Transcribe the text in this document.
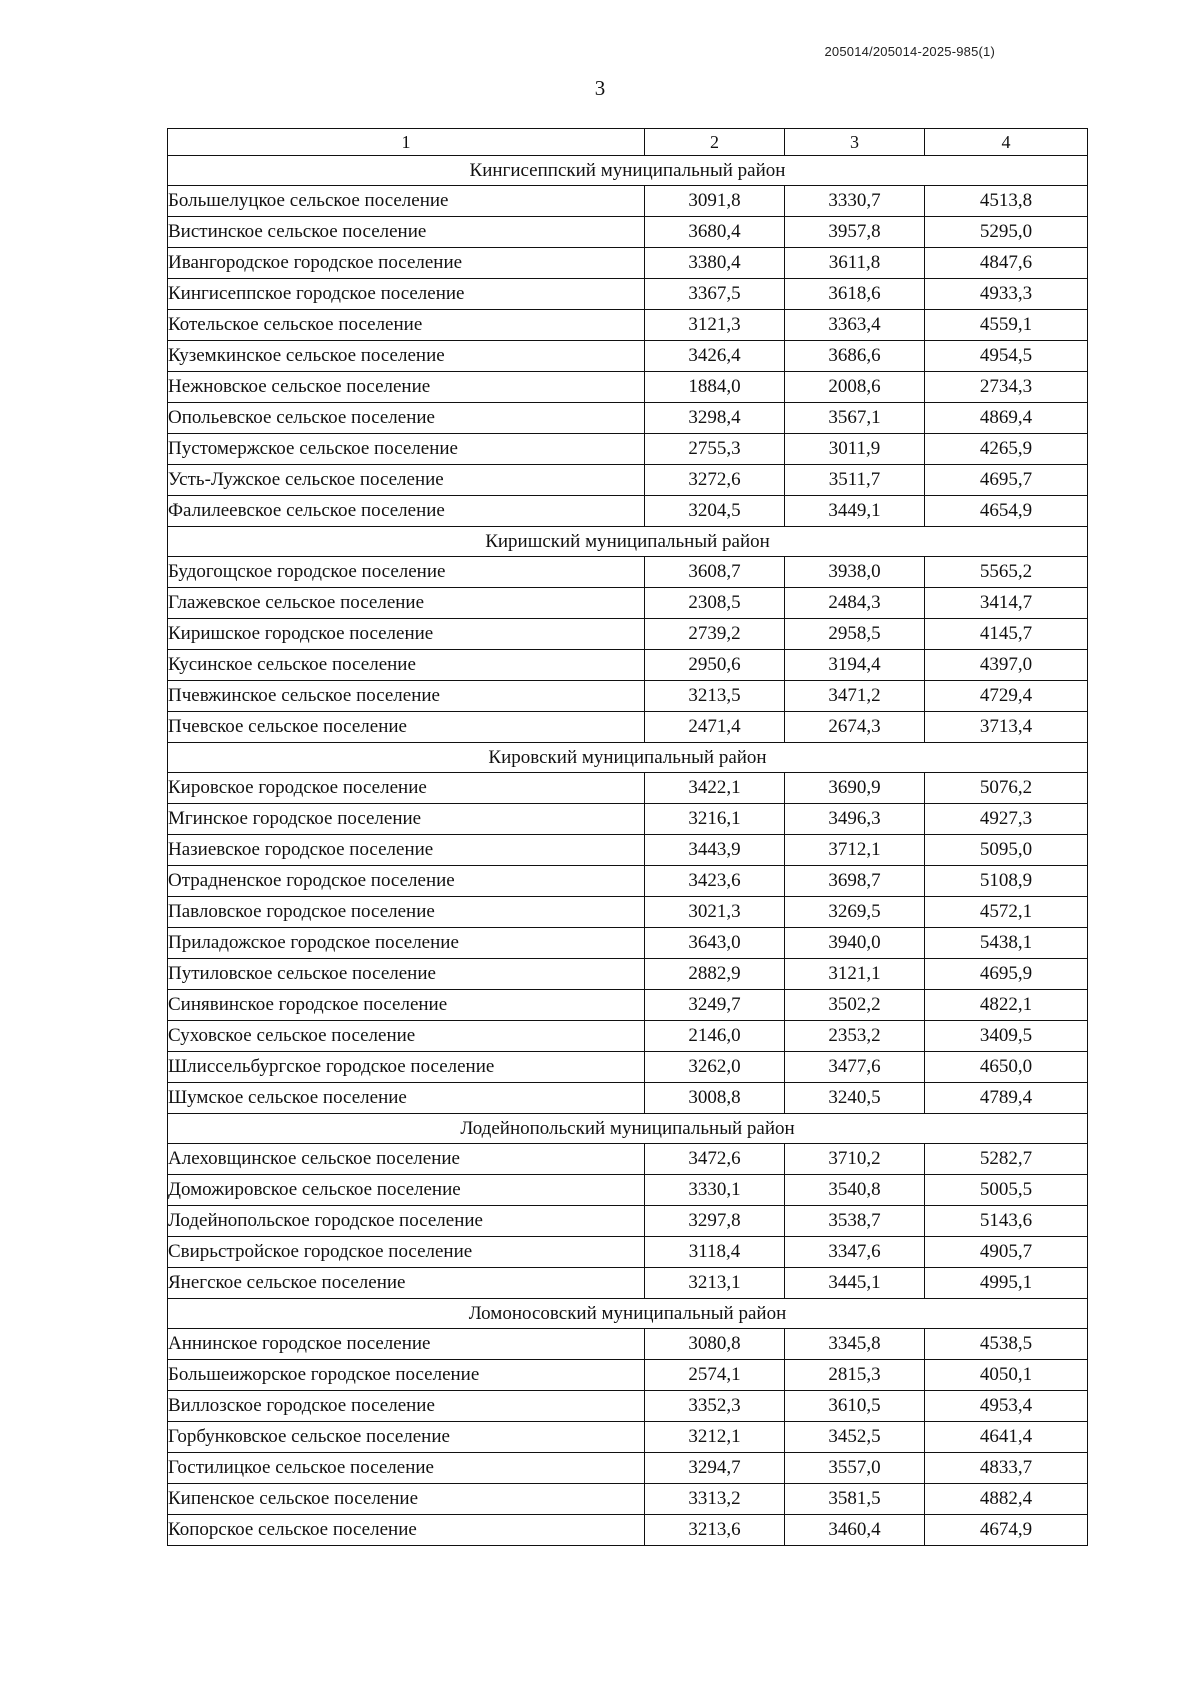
205014/205014-2025-985(1)
3
1	2	3	4
Кингисеппский муниципальный район			
Большелуцкое сельское поселение	3091,8	3330,7	4513,8
Вистинское сельское поселение	3680,4	3957,8	5295,0
Ивангородское городское поселение	3380,4	3611,8	4847,6
Кингисеппское городское поселение	3367,5	3618,6	4933,3
Котельское сельское поселение	3121,3	3363,4	4559,1
Куземкинское сельское поселение	3426,4	3686,6	4954,5
Нежновское сельское поселение	1884,0	2008,6	2734,3
Опольевское сельское поселение	3298,4	3567,1	4869,4
Пустомержское сельское поселение	2755,3	3011,9	4265,9
Усть-Лужское сельское поселение	3272,6	3511,7	4695,7
Фалилеевское сельское поселение	3204,5	3449,1	4654,9
Киришский муниципальный район			
Будогощское городское поселение	3608,7	3938,0	5565,2
Глажевское сельское поселение	2308,5	2484,3	3414,7
Киришское городское поселение	2739,2	2958,5	4145,7
Кусинское сельское поселение	2950,6	3194,4	4397,0
Пчевжинское сельское поселение	3213,5	3471,2	4729,4
Пчевское сельское поселение	2471,4	2674,3	3713,4
Кировский муниципальный район			
Кировское городское поселение	3422,1	3690,9	5076,2
Мгинское городское поселение	3216,1	3496,3	4927,3
Назиевское городское поселение	3443,9	3712,1	5095,0
Отрадненское городское поселение	3423,6	3698,7	5108,9
Павловское городское поселение	3021,3	3269,5	4572,1
Приладожское городское поселение	3643,0	3940,0	5438,1
Путиловское сельское поселение	2882,9	3121,1	4695,9
Синявинское городское поселение	3249,7	3502,2	4822,1
Суховское сельское поселение	2146,0	2353,2	3409,5
Шлиссельбургское городское поселение	3262,0	3477,6	4650,0
Шумское сельское поселение	3008,8	3240,5	4789,4
Лодейнопольский муниципальный район			
Алеховщинское сельское поселение	3472,6	3710,2	5282,7
Доможировское сельское поселение	3330,1	3540,8	5005,5
Лодейнопольское городское поселение	3297,8	3538,7	5143,6
Свирьстройское городское поселение	3118,4	3347,6	4905,7
Янегское сельское поселение	3213,1	3445,1	4995,1
Ломоносовский муниципальный район			
Аннинское городское поселение	3080,8	3345,8	4538,5
Большеижорское городское поселение	2574,1	2815,3	4050,1
Виллозское городское поселение	3352,3	3610,5	4953,4
Горбунковское сельское поселение	3212,1	3452,5	4641,4
Гостилицкое сельское поселение	3294,7	3557,0	4833,7
Кипенское сельское поселение	3313,2	3581,5	4882,4
Копорское сельское поселение	3213,6	3460,4	4674,9
